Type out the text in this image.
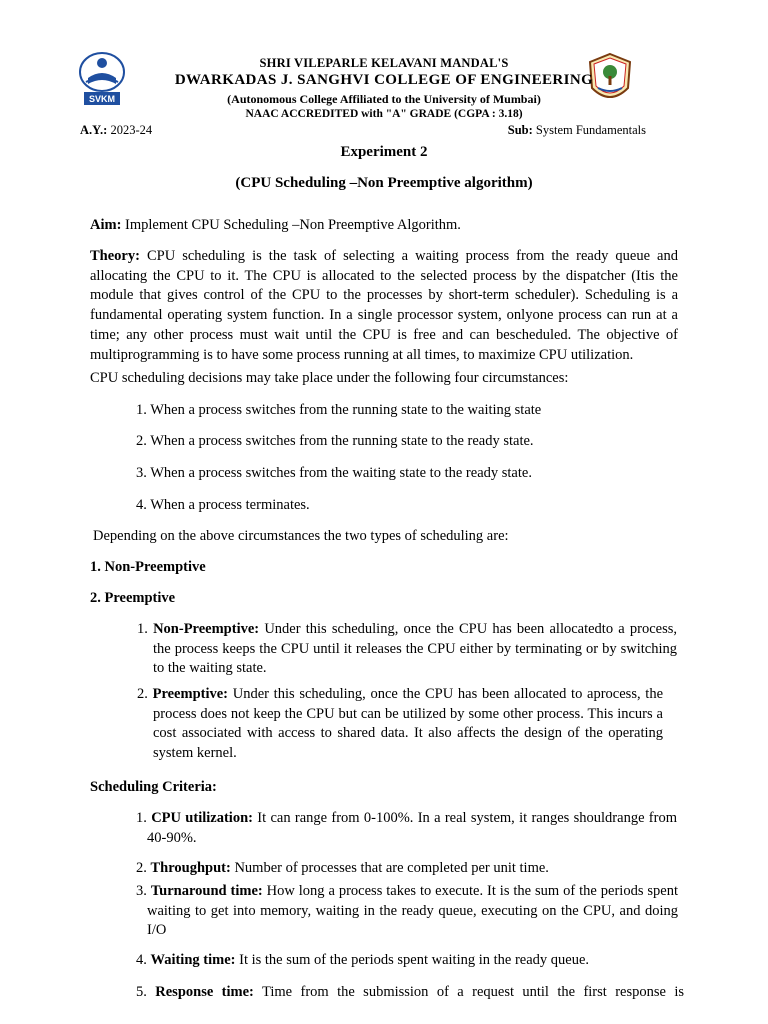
SVKM
SHRI VILEPARLE KELAVANI MANDAL'S
DWARKADAS J. SANGHVI COLLEGE OF ENGINEERING
(Autonomous College Affiliated to the University of Mumbai)
NAAC ACCREDITED with "A" GRADE (CGPA : 3.18)
A.Y.: 2023-24	Sub: System Fundamentals
Experiment 2
(CPU Scheduling –Non Preemptive algorithm)
Aim: Implement CPU Scheduling –Non Preemptive Algorithm.
Theory: CPU scheduling is the task of selecting a waiting process from the ready queue and allocating the CPU to it. The CPU is allocated to the selected process by the dispatcher (Itis the module that gives control of the CPU to the processes by short-term scheduler). Scheduling is a fundamental operating system function. In a single processor system, onlyone process can run at a time; any other process must wait until the CPU is free and can bescheduled. The objective of multiprogramming is to have some process running at all times, to maximize CPU utilization.
CPU scheduling decisions may take place under the following four circumstances:
1. When a process switches from the running state to the waiting state
2. When a process switches from the running state to the ready state.
3. When a process switches from the waiting state to the ready state.
4. When a process terminates.
Depending on the above circumstances the two types of scheduling are:
1. Non-Preemptive
2. Preemptive
1. Non-Preemptive: Under this scheduling, once the CPU has been allocatedto a process, the process keeps the CPU until it releases the CPU either by terminating or by switching to the waiting state.
2. Preemptive: Under this scheduling, once the CPU has been allocated to aprocess, the process does not keep the CPU but can be utilized by some other process. This incurs a cost associated with access to shared data. It also affects the design of the operating system kernel.
Scheduling Criteria:
1. CPU utilization: It can range from 0-100%. In a real system, it ranges shouldrange from 40-90%.
2. Throughput: Number of processes that are completed per unit time.
3. Turnaround time: How long a process takes to execute. It is the sum of the periods spent waiting to get into memory, waiting in the ready queue, executing on the CPU, and doing I/O
4. Waiting time: It is the sum of the periods spent waiting in the ready queue.
5. Response time: Time from the submission of a request until the first response is
